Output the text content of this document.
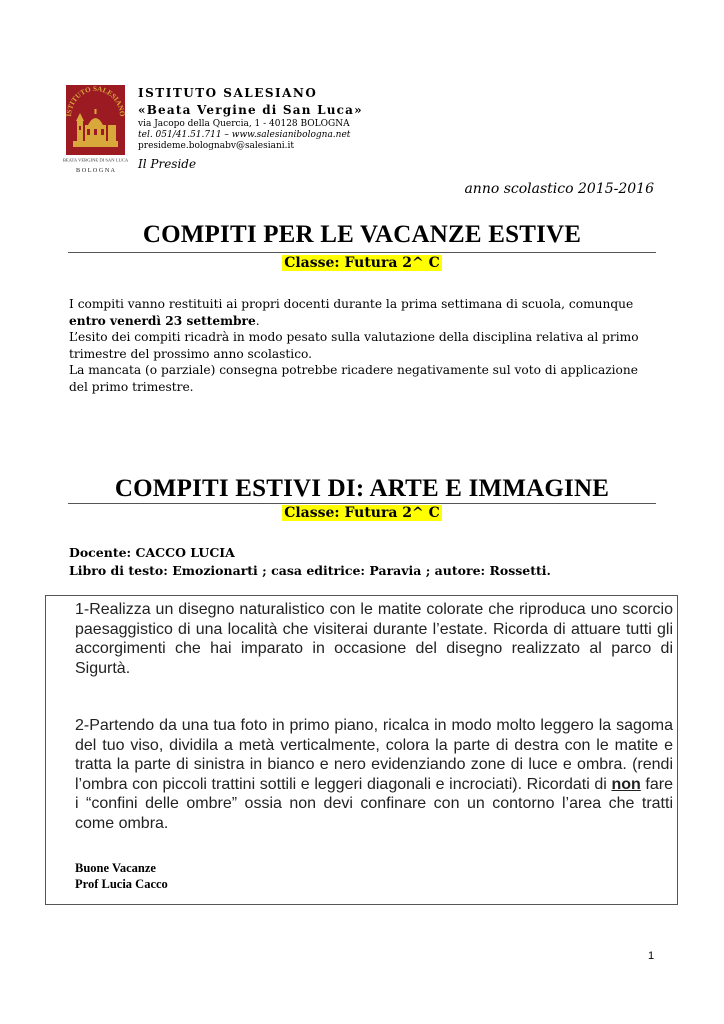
ISTITUTO SALESIANO
BEATA VERGINE DI SAN LUCA
B O L O G N A
ISTITUTO SALESIANO
«Beata Vergine di San Luca»
via Jacopo della Quercia, 1 - 40128 BOLOGNA
tel. 051/41.51.711 – www.salesianibologna.net
presideme.bolognabv@salesiani.it
Il Preside
anno scolastico 2015-2016
COMPITI PER LE VACANZE ESTIVE
Classe: Futura 2^ C

I compiti vanno restituiti ai propri docenti durante la prima settimana di scuola, comunque entro venerdì 23 settembre.

L’esito dei compiti ricadrà in modo pesato sulla valutazione della disciplina relativa al primo trimestre del prossimo anno scolastico.

La mancata (o parziale) consegna potrebbe ricadere negativamente sul voto di applicazione del primo trimestre.

COMPITI ESTIVI DI: ARTE E IMMAGINE
Classe: Futura 2^ C
Docente: CACCO LUCIA
Libro di testo: Emozionarti ; casa editrice: Paravia ; autore: Rossetti.
1-Realizza un disegno naturalistico con le matite colorate che riproduca uno scorcio paesaggistico di una località che visiterai durante l’estate. Ricorda di attuare tutti gli accorgimenti che hai imparato in occasione del disegno realizzato al parco di Sigurtà.
2-Partendo da una tua foto in primo piano, ricalca in modo molto leggero la sagoma del tuo viso, dividila a metà verticalmente, colora la parte di destra con le matite e tratta la parte di sinistra in bianco e nero evidenziando zone di luce e ombra. (rendi l’ombra con piccoli trattini sottili e leggeri diagonali e incrociati). Ricordati di non fare i “confini delle ombre” ossia non devi confinare con un contorno l’area che tratti come ombra.
Buone Vacanze
Prof Lucia Cacco
1
